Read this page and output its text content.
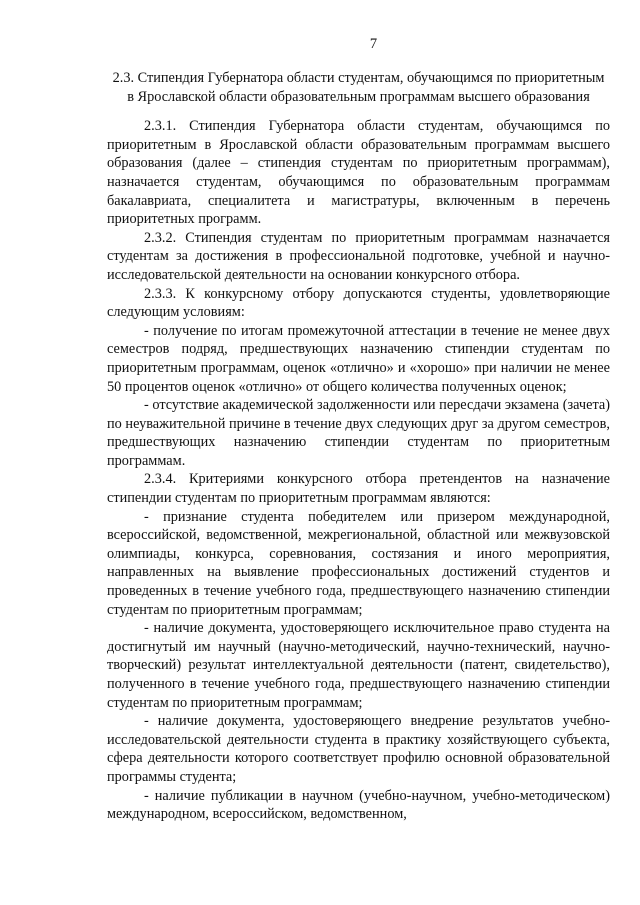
7
2.3. Стипендия Губернатора области студентам, обучающимся по приоритетным в Ярославской области образовательным программам высшего образования

2.3.1. Стипендия Губернатора области студентам, обучающимся по приоритетным в Ярославской области образовательным программам высшего образования (далее – стипендия студентам по приоритетным программам), назначается студентам, обучающимся по образовательным программам бакалавриата, специалитета и магистратуры, включенным в перечень приоритетных программ.

2.3.2. Стипендия студентам по приоритетным программам назначается студентам за достижения в профессиональной подготовке, учебной и научно-исследовательской деятельности на основании конкурсного отбора.

2.3.3. К конкурсному отбору допускаются студенты, удовлетворяющие следующим условиям:

- получение по итогам промежуточной аттестации в течение не менее двух семестров подряд, предшествующих назначению стипендии студентам по приоритетным программам, оценок «отлично» и «хорошо» при наличии не менее 50 процентов оценок «отлично» от общего количества полученных оценок;

- отсутствие академической задолженности или пересдачи экзамена (зачета) по неуважительной причине в течение двух следующих друг за другом семестров, предшествующих назначению стипендии студентам по приоритетным программам.

2.3.4. Критериями конкурсного отбора претендентов на назначение стипендии студентам по приоритетным программам являются:

- признание студента победителем или призером международной, всероссийской, ведомственной, межрегиональной, областной или межвузовской олимпиады, конкурса, соревнования, состязания и иного мероприятия, направленных на выявление профессиональных достижений студентов и проведенных в течение учебного года, предшествующего назначению стипендии студентам по приоритетным программам;

- наличие документа, удостоверяющего исключительное право студента на достигнутый им научный (научно-методический, научно-технический, научно-творческий) результат интеллектуальной деятельности (патент, свидетельство), полученного в течение учебного года, предшествующего назначению стипендии студентам по приоритетным программам;

- наличие документа, удостоверяющего внедрение результатов учебно-исследовательской деятельности студента в практику хозяйствующего субъекта, сфера деятельности которого соответствует профилю основной образовательной программы студента;

- наличие публикации в научном (учебно-научном, учебно-методическом) международном, всероссийском, ведомственном,
